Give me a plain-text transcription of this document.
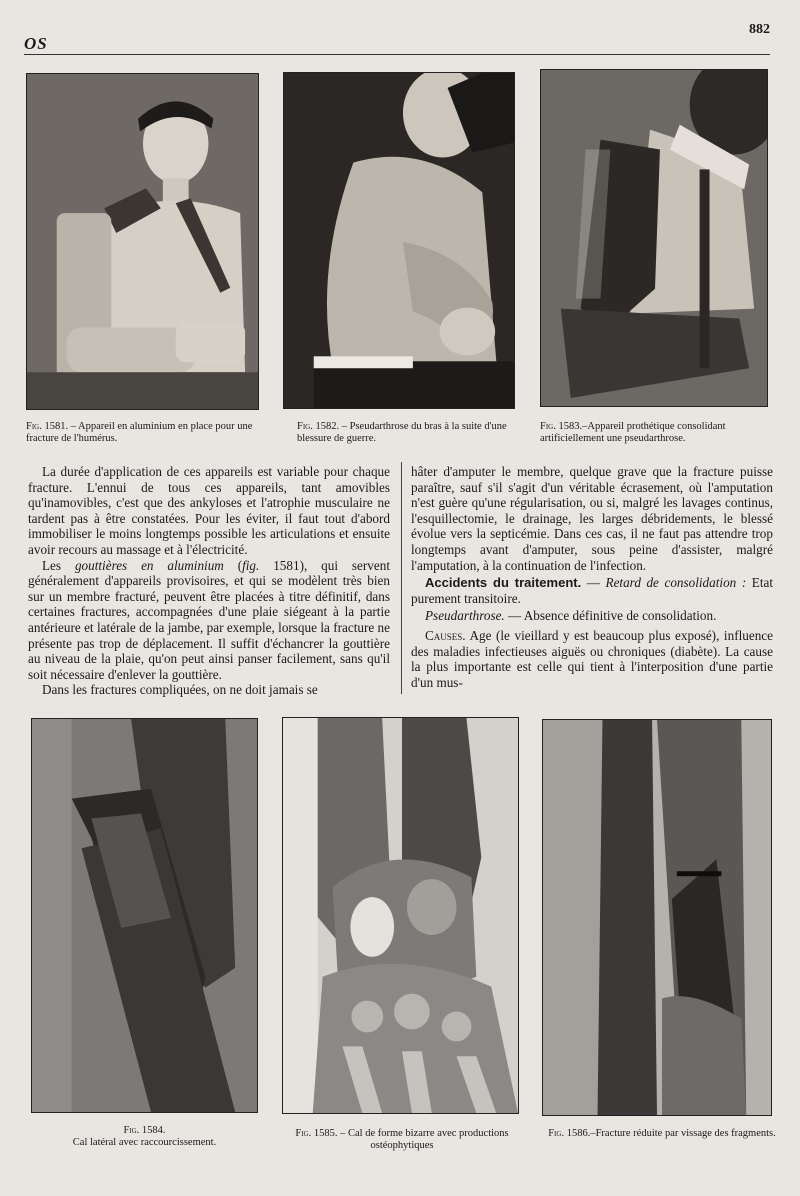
OS
882
Fig. 1581. – Appareil en aluminium en place pour une fracture de l'humérus.
Fig. 1582. – Pseudarthrose du bras à la suite d'une blessure de guerre.
Fig. 1583.–Appareil prothétique consolidant artificiellement une pseudarthrose.

La durée d'application de ces appareils est variable pour chaque fracture. L'ennui de tous ces appareils, tant amovibles qu'inamovibles, c'est que des ankyloses et l'atrophie musculaire ne tardent pas à être constatées. Pour les éviter, il faut tout d'abord immobiliser le moins longtemps possible les articulations et ensuite avoir recours au massage et à l'électricité.

Les gouttières en aluminium (fig. 1581), qui servent généralement d'appareils provisoires, et qui se modèlent très bien sur un membre fracturé, peuvent être placées à titre définitif, dans certaines fractures, accompagnées d'une plaie siégeant à la partie antérieure et latérale de la jambe, par exemple, lorsque la fracture ne présente pas trop de déplacement. Il suffit d'échancrer la gouttière au niveau de la plaie, qu'on peut ainsi panser facilement, sans qu'il soit nécessaire d'enlever la gouttière.

Dans les fractures compliquées, on ne doit jamais se

hâter d'amputer le membre, quelque grave que la fracture puisse paraître, sauf s'il s'agit d'un véritable écrasement, où l'amputation n'est guère qu'une régularisation, ou si, malgré les lavages continus, l'esquillectomie, le drainage, les larges débridements, le blessé évolue vers la septicémie. Dans ces cas, il ne faut pas attendre trop longtemps avant d'amputer, sous peine d'assister, malgré l'amputation, à la continuation de l'infection.

Accidents du traitement. — Retard de consolidation : Etat purement transitoire.

Pseudarthrose. — Absence définitive de consolidation.

Causes. Age (le vieillard y est beaucoup plus exposé), influence des maladies infectieuses aiguës ou chroniques (diabète). La cause la plus importante est celle qui tient à l'interposition d'une partie d'un mus-

Fig. 1584.
Cal latéral avec raccourcissement.
Fig. 1585. – Cal de forme bizarre avec productions ostéophytiques
Fig. 1586.–Fracture réduite par vissage des fragments.
